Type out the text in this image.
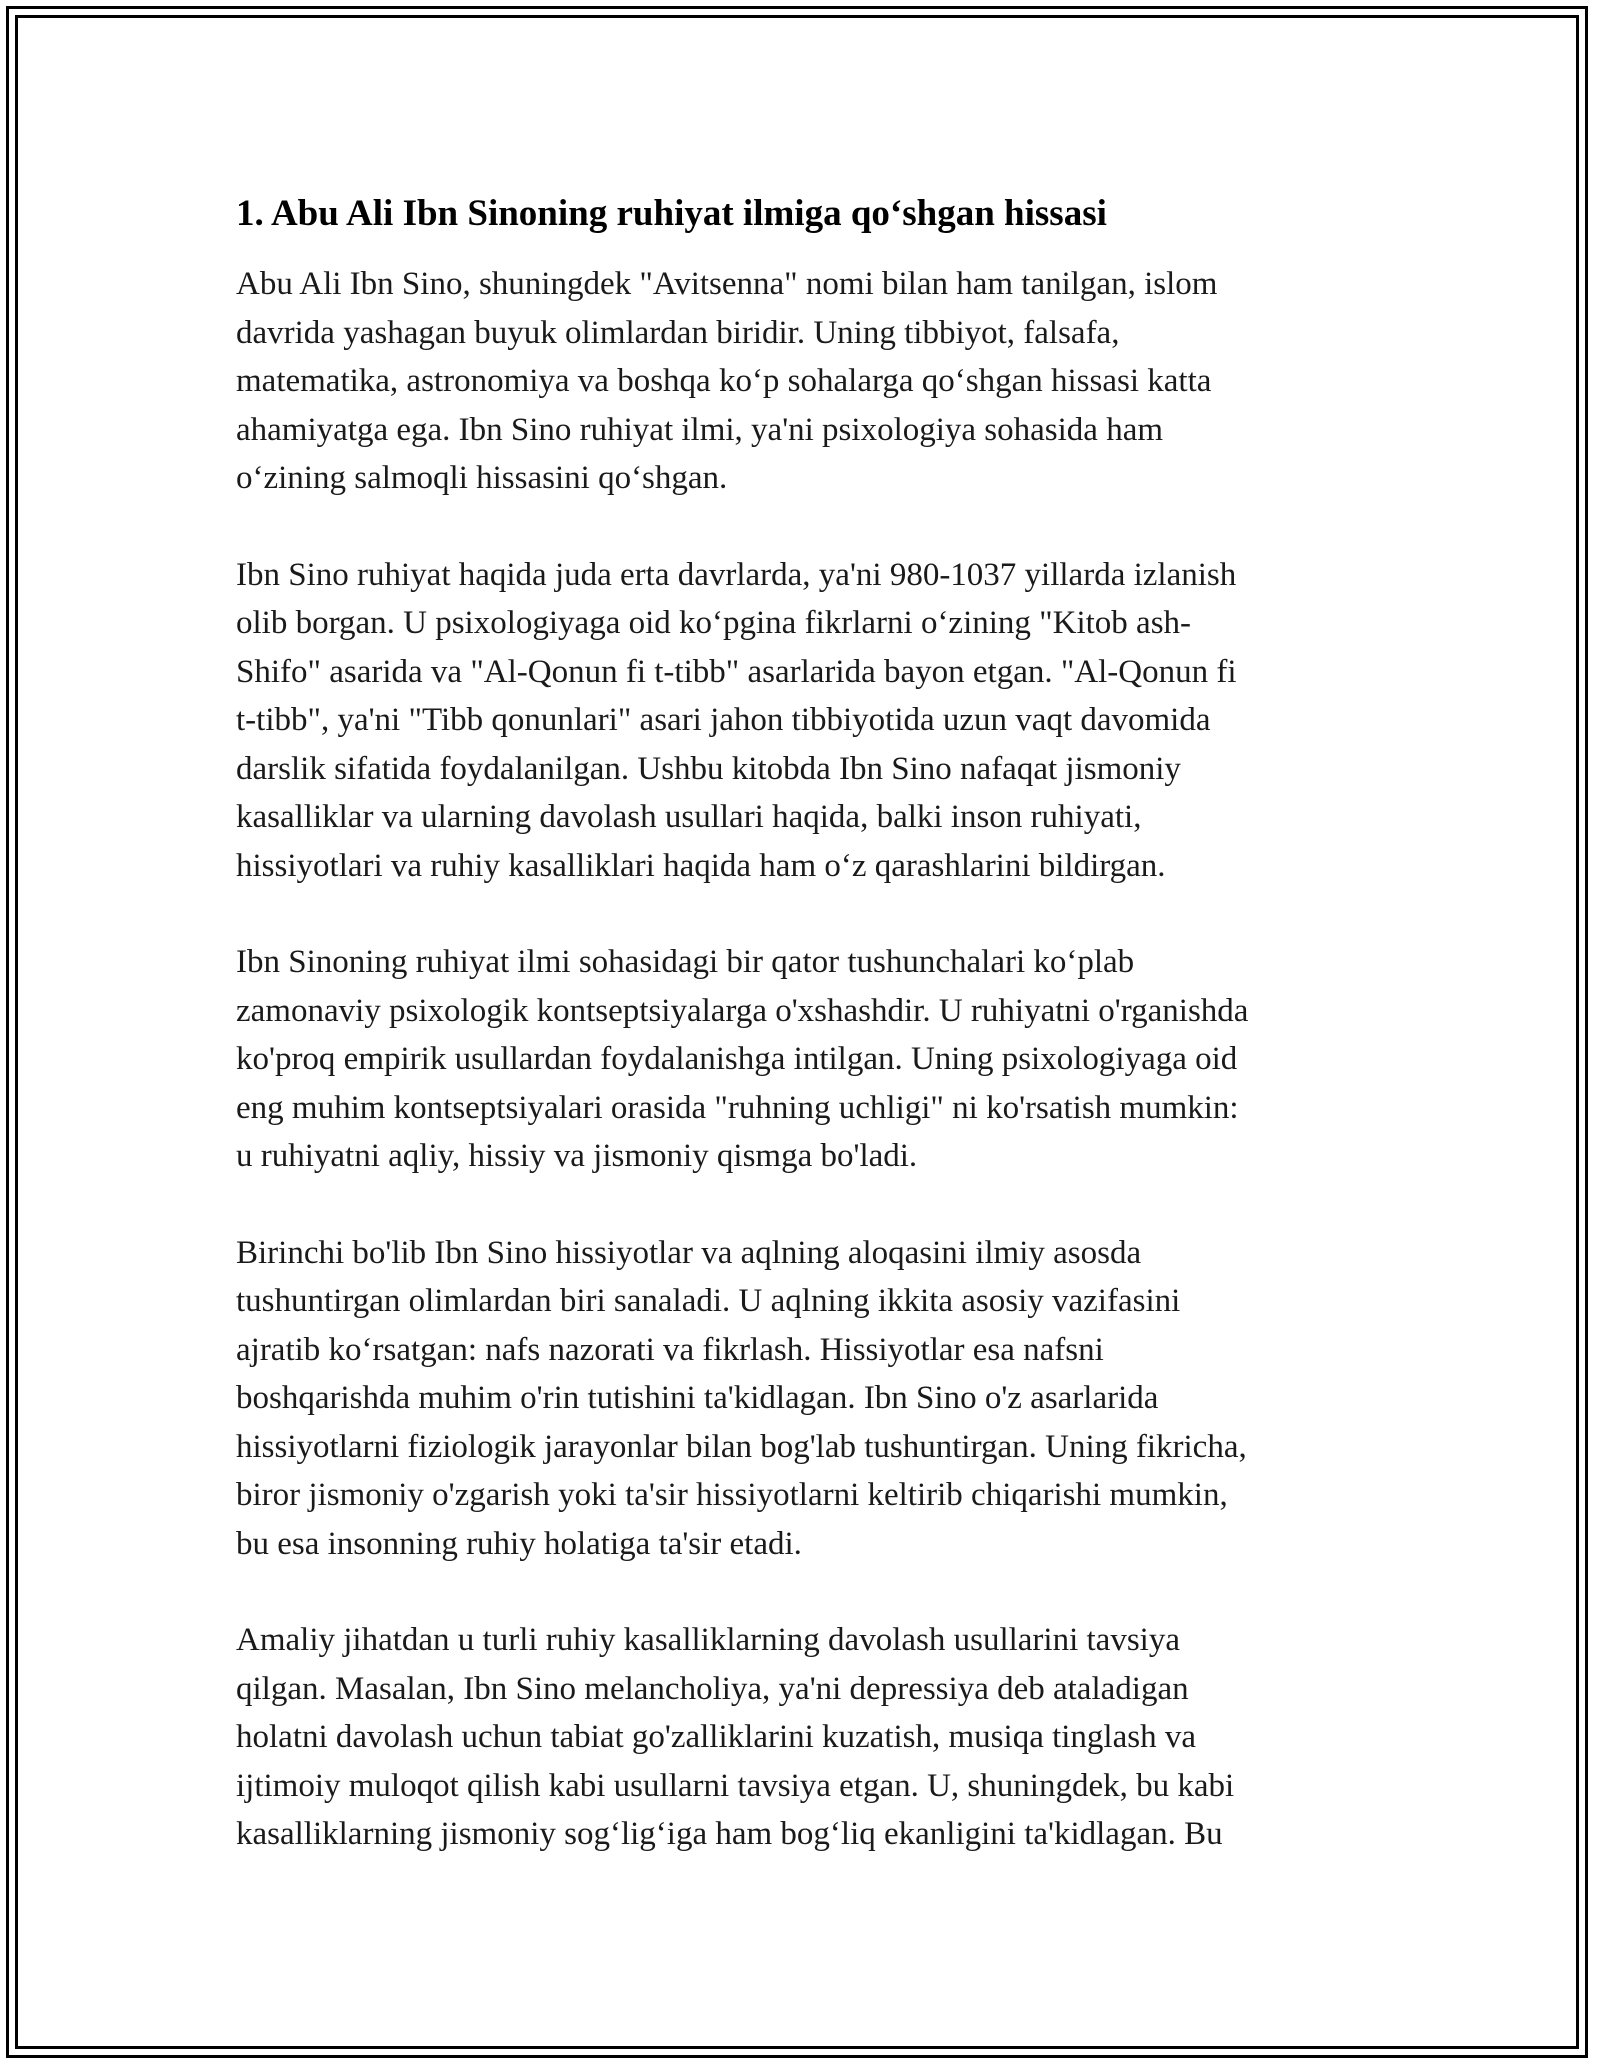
1. Abu Ali Ibn Sinoning ruhiyat ilmiga qo‘shgan hissasi

Abu Ali Ibn Sino, shuningdek "Avitsenna" nomi bilan ham tanilgan, islom
davrida yashagan buyuk olimlardan biridir. Uning tibbiyot, falsafa,
matematika, astronomiya va boshqa ko‘p sohalarga qo‘shgan hissasi katta
ahamiyatga ega. Ibn Sino ruhiyat ilmi, ya'ni psixologiya sohasida ham
o‘zining salmoqli hissasini qo‘shgan.

Ibn Sino ruhiyat haqida juda erta davrlarda, ya'ni 980-1037 yillarda izlanish
olib borgan. U psixologiyaga oid ko‘pgina fikrlarni o‘zining "Kitob ash-
Shifo" asarida va "Al-Qonun fi t-tibb" asarlarida bayon etgan. "Al-Qonun fi
t-tibb", ya'ni "Tibb qonunlari" asari jahon tibbiyotida uzun vaqt davomida
darslik sifatida foydalanilgan. Ushbu kitobda Ibn Sino nafaqat jismoniy
kasalliklar va ularning davolash usullari haqida, balki inson ruhiyati,
hissiyotlari va ruhiy kasalliklari haqida ham o‘z qarashlarini bildirgan.

Ibn Sinoning ruhiyat ilmi sohasidagi bir qator tushunchalari ko‘plab
zamonaviy psixologik kontseptsiyalarga o'xshashdir. U ruhiyatni o'rganishda
ko'proq empirik usullardan foydalanishga intilgan. Uning psixologiyaga oid
eng muhim kontseptsiyalari orasida "ruhning uchligi" ni ko'rsatish mumkin:
u ruhiyatni aqliy, hissiy va jismoniy qismga bo'ladi.

Birinchi bo'lib Ibn Sino hissiyotlar va aqlning aloqasini ilmiy asosda
tushuntirgan olimlardan biri sanaladi. U aqlning ikkita asosiy vazifasini
ajratib ko‘rsatgan: nafs nazorati va fikrlash. Hissiyotlar esa nafsni
boshqarishda muhim o'rin tutishini ta'kidlagan. Ibn Sino o'z asarlarida
hissiyotlarni fiziologik jarayonlar bilan bog'lab tushuntirgan. Uning fikricha,
biror jismoniy o'zgarish yoki ta'sir hissiyotlarni keltirib chiqarishi mumkin,
bu esa insonning ruhiy holatiga ta'sir etadi.

Amaliy jihatdan u turli ruhiy kasalliklarning davolash usullarini tavsiya
qilgan. Masalan, Ibn Sino melancholiya, ya'ni depressiya deb ataladigan
holatni davolash uchun tabiat go'zalliklarini kuzatish, musiqa tinglash va
ijtimoiy muloqot qilish kabi usullarni tavsiya etgan. U, shuningdek, bu kabi
kasalliklarning jismoniy sog‘lig‘iga ham bog‘liq ekanligini ta'kidlagan. Bu
